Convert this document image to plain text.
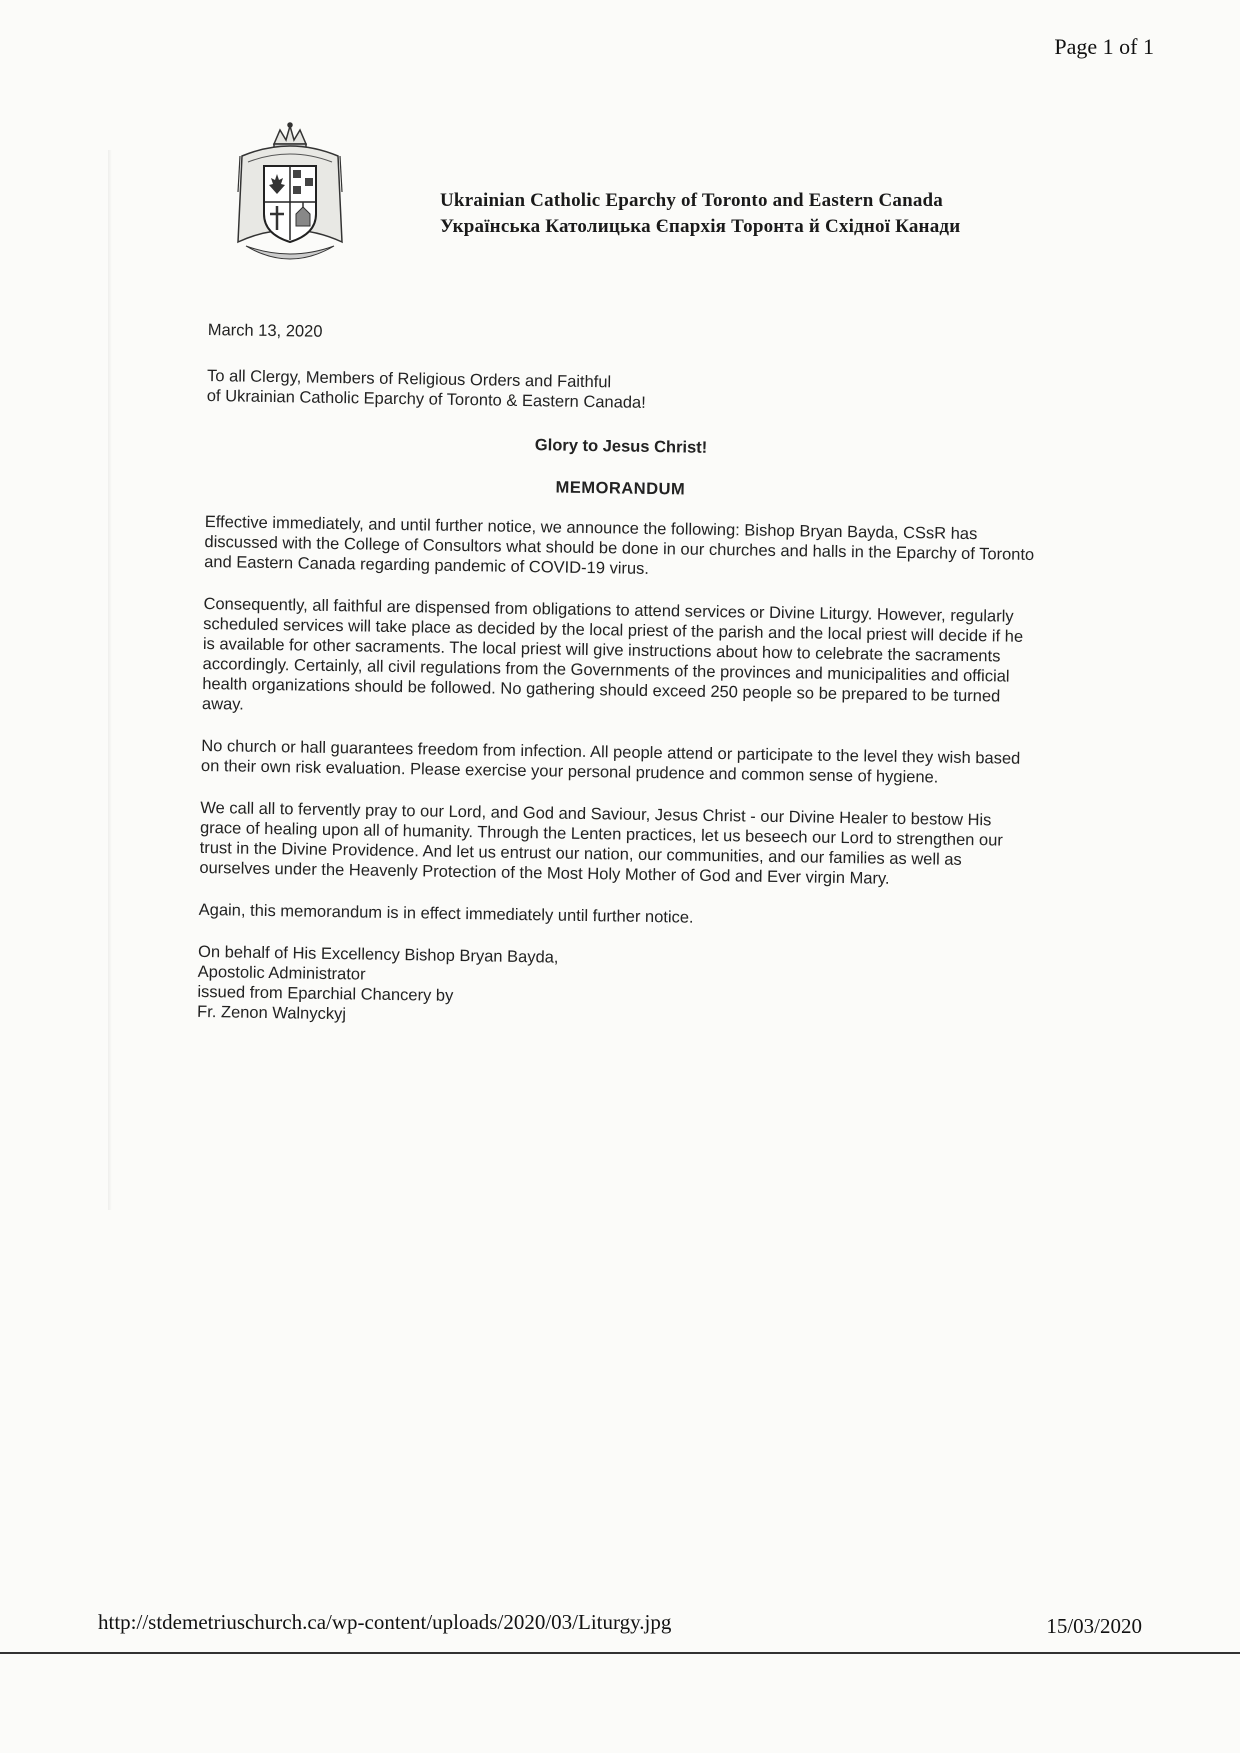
Page 1 of 1
Ukrainian Catholic Eparchy of Toronto and Eastern Canada
Українська Католицька Єпархія Торонта й Східної Канади

March 13, 2020

To all Clergy, Members of Religious Orders and Faithful
of Ukrainian Catholic Eparchy of Toronto & Eastern Canada!

Glory to Jesus Christ!

MEMORANDUM

Effective immediately, and until further notice, we announce the following: Bishop Bryan Bayda, CSsR has discussed with the College of Consultors what should be done in our churches and halls in the Eparchy of Toronto and Eastern Canada regarding pandemic of COVID-19 virus.

Consequently, all faithful are dispensed from obligations to attend services or Divine Liturgy. However, regularly scheduled services will take place as decided by the local priest of the parish and the local priest will decide if he is available for other sacraments. The local priest will give instructions about how to celebrate the sacraments accordingly. Certainly, all civil regulations from the Governments of the provinces and municipalities and official health organizations should be followed. No gathering should exceed 250 people so be prepared to be turned away.

No church or hall guarantees freedom from infection. All people attend or participate to the level they wish based on their own risk evaluation. Please exercise your personal prudence and common sense of hygiene.

We call all to fervently pray to our Lord, and God and Saviour, Jesus Christ - our Divine Healer to bestow His grace of healing upon all of humanity. Through the Lenten practices, let us beseech our Lord to strengthen our trust in the Divine Providence. And let us entrust our nation, our communities, and our families as well as ourselves under the Heavenly Protection of the Most Holy Mother of God and Ever virgin Mary.

Again, this memorandum is in effect immediately until further notice.

On behalf of His Excellency Bishop Bryan Bayda,
Apostolic Administrator
issued from Eparchial Chancery by
Fr. Zenon Walnyckyj

http://stdemetriuschurch.ca/wp-content/uploads/2020/03/Liturgy.jpg	15/03/2020
